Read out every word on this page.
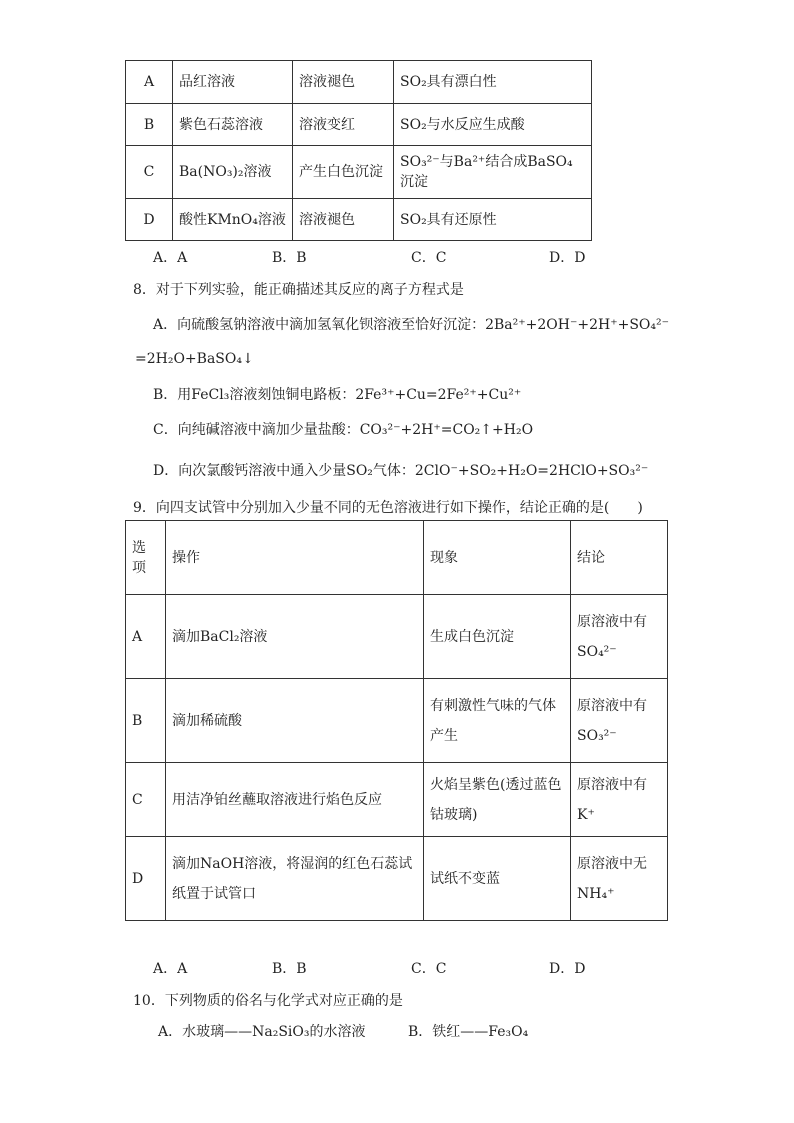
A	品红溶液	溶液褪色	SO₂具有漂白性
B	紫色石蕊溶液	溶液变红	SO₂与水反应生成酸
C	Ba(NO₃)₂溶液	产生白色沉淀	SO₃²⁻与Ba²⁺结合成BaSO₄沉淀
D	酸性KMnO₄溶液	溶液褪色	SO₂具有还原性
A．A	B．B	C．C	D．D
8．对于下列实验，能正确描述其反应的离子方程式是
A．向硫酸氢钠溶液中滴加氢氧化钡溶液至恰好沉淀：2Ba²⁺+2OH⁻+2H⁺+SO₄²⁻
=2H₂O+BaSO₄↓
B．用FeCl₃溶液刻蚀铜电路板：2Fe³⁺+Cu=2Fe²⁺+Cu²⁺
C．向纯碱溶液中滴加少量盐酸：CO₃²⁻+2H⁺=CO₂↑+H₂O
D．向次氯酸钙溶液中通入少量SO₂气体：2ClO⁻+SO₂+H₂O=2HClO+SO₃²⁻
9．向四支试管中分别加入少量不同的无色溶液进行如下操作，结论正确的是(　　)
选项	操作	现象	结论
A	滴加BaCl₂溶液	生成白色沉淀	原溶液中有SO₄²⁻
B	滴加稀硫酸	有刺激性气味的气体产生	原溶液中有SO₃²⁻
C	用洁净铂丝蘸取溶液进行焰色反应	火焰呈紫色(透过蓝色钴玻璃)	原溶液中有K⁺
D	滴加NaOH溶液，将湿润的红色石蕊试纸置于试管口	试纸不变蓝	原溶液中无NH₄⁺
A．A	B．B	C．C	D．D
10．下列物质的俗名与化学式对应正确的是
A．水玻璃——Na₂SiO₃的水溶液	B．铁红——Fe₃O₄
